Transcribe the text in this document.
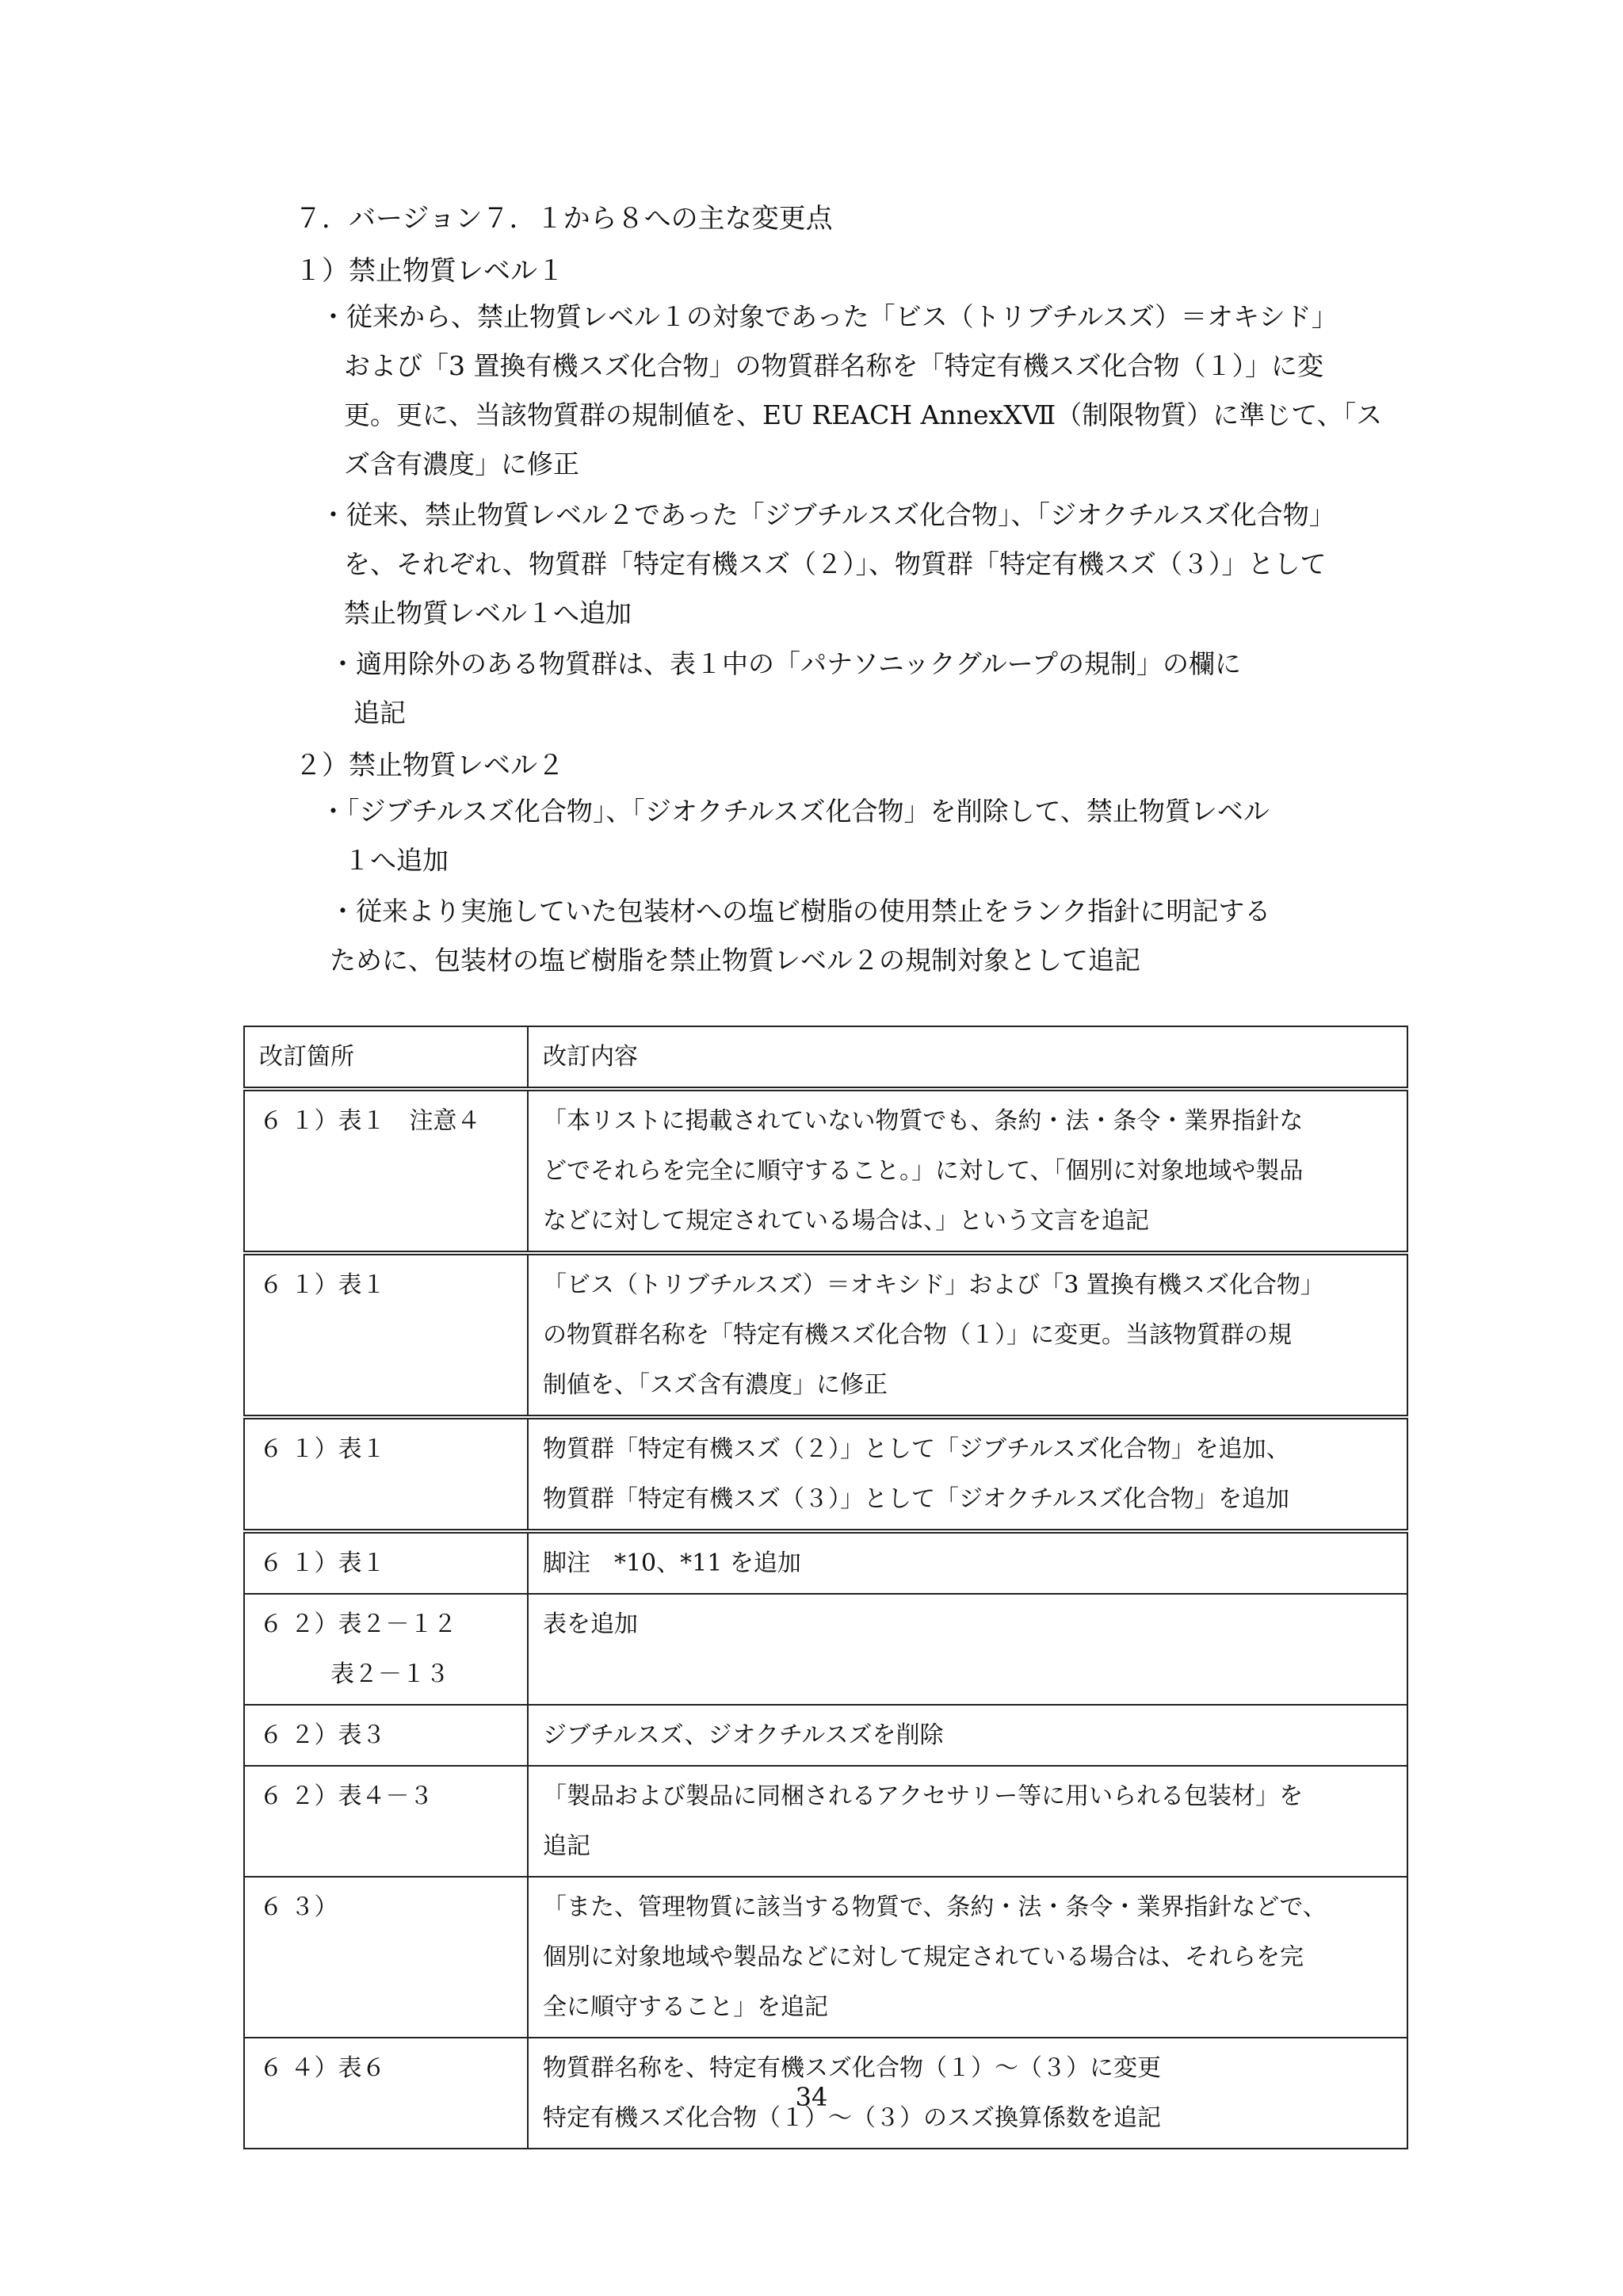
７．バージョン７．１から８への主な変更点
１）禁止物質レベル１
・従来から、禁止物質レベル１の対象であった「ビス（トリブチルスズ）＝オキシド」
および「3 置換有機スズ化合物」の物質群名称を「特定有機スズ化合物（１）」に変
更。更に、当該物質群の規制値を、EU REACH AnnexⅩⅦ（制限物質）に準じて、「ス
ズ含有濃度」に修正
・従来、禁止物質レベル２であった「ジブチルスズ化合物」、「ジオクチルスズ化合物」
を、それぞれ、物質群「特定有機スズ（２）」、物質群「特定有機スズ（３）」として
禁止物質レベル１へ追加
・適用除外のある物質群は、表１中の「パナソニックグループの規制」の欄に
追記
２）禁止物質レベル２
・「ジブチルスズ化合物」、「ジオクチルスズ化合物」を削除して、禁止物質レベル
１へ追加
・従来より実施していた包装材への塩ビ樹脂の使用禁止をランク指針に明記する
ために、包装材の塩ビ樹脂を禁止物質レベル２の規制対象として追記
改訂箇所	改訂内容

６ １）表１　注意４	「本リストに掲載されていない物質でも、条約・法・条令・業界指針な
どでそれらを完全に順守すること。」に対して、「個別に対象地域や製品
などに対して規定されている場合は、」という文言を追記

６ １）表１	「ビス（トリブチルスズ）＝オキシド」および「3 置換有機スズ化合物」
の物質群名称を「特定有機スズ化合物（１）」に変更。当該物質群の規
制値を、「スズ含有濃度」に修正

６ １）表１	物質群「特定有機スズ（２）」として「ジブチルスズ化合物」を追加、
物質群「特定有機スズ（３）」として「ジオクチルスズ化合物」を追加

６ １）表１	脚注　*10、*11 を追加

６ ２）表２－１２
　　　表２－１３	表を追加

６ ２）表３	ジブチルスズ、ジオクチルスズを削除

６ ２）表４－３	「製品および製品に同梱されるアクセサリー等に用いられる包装材」を
追記

６ ３）	「また、管理物質に該当する物質で、条約・法・条令・業界指針などで、
個別に対象地域や製品などに対して規定されている場合は、それらを完
全に順守すること」を追記

６ ４）表６	物質群名称を、特定有機スズ化合物（１）～（３）に変更
特定有機スズ化合物（１）～（３）のスズ換算係数を追記
34
